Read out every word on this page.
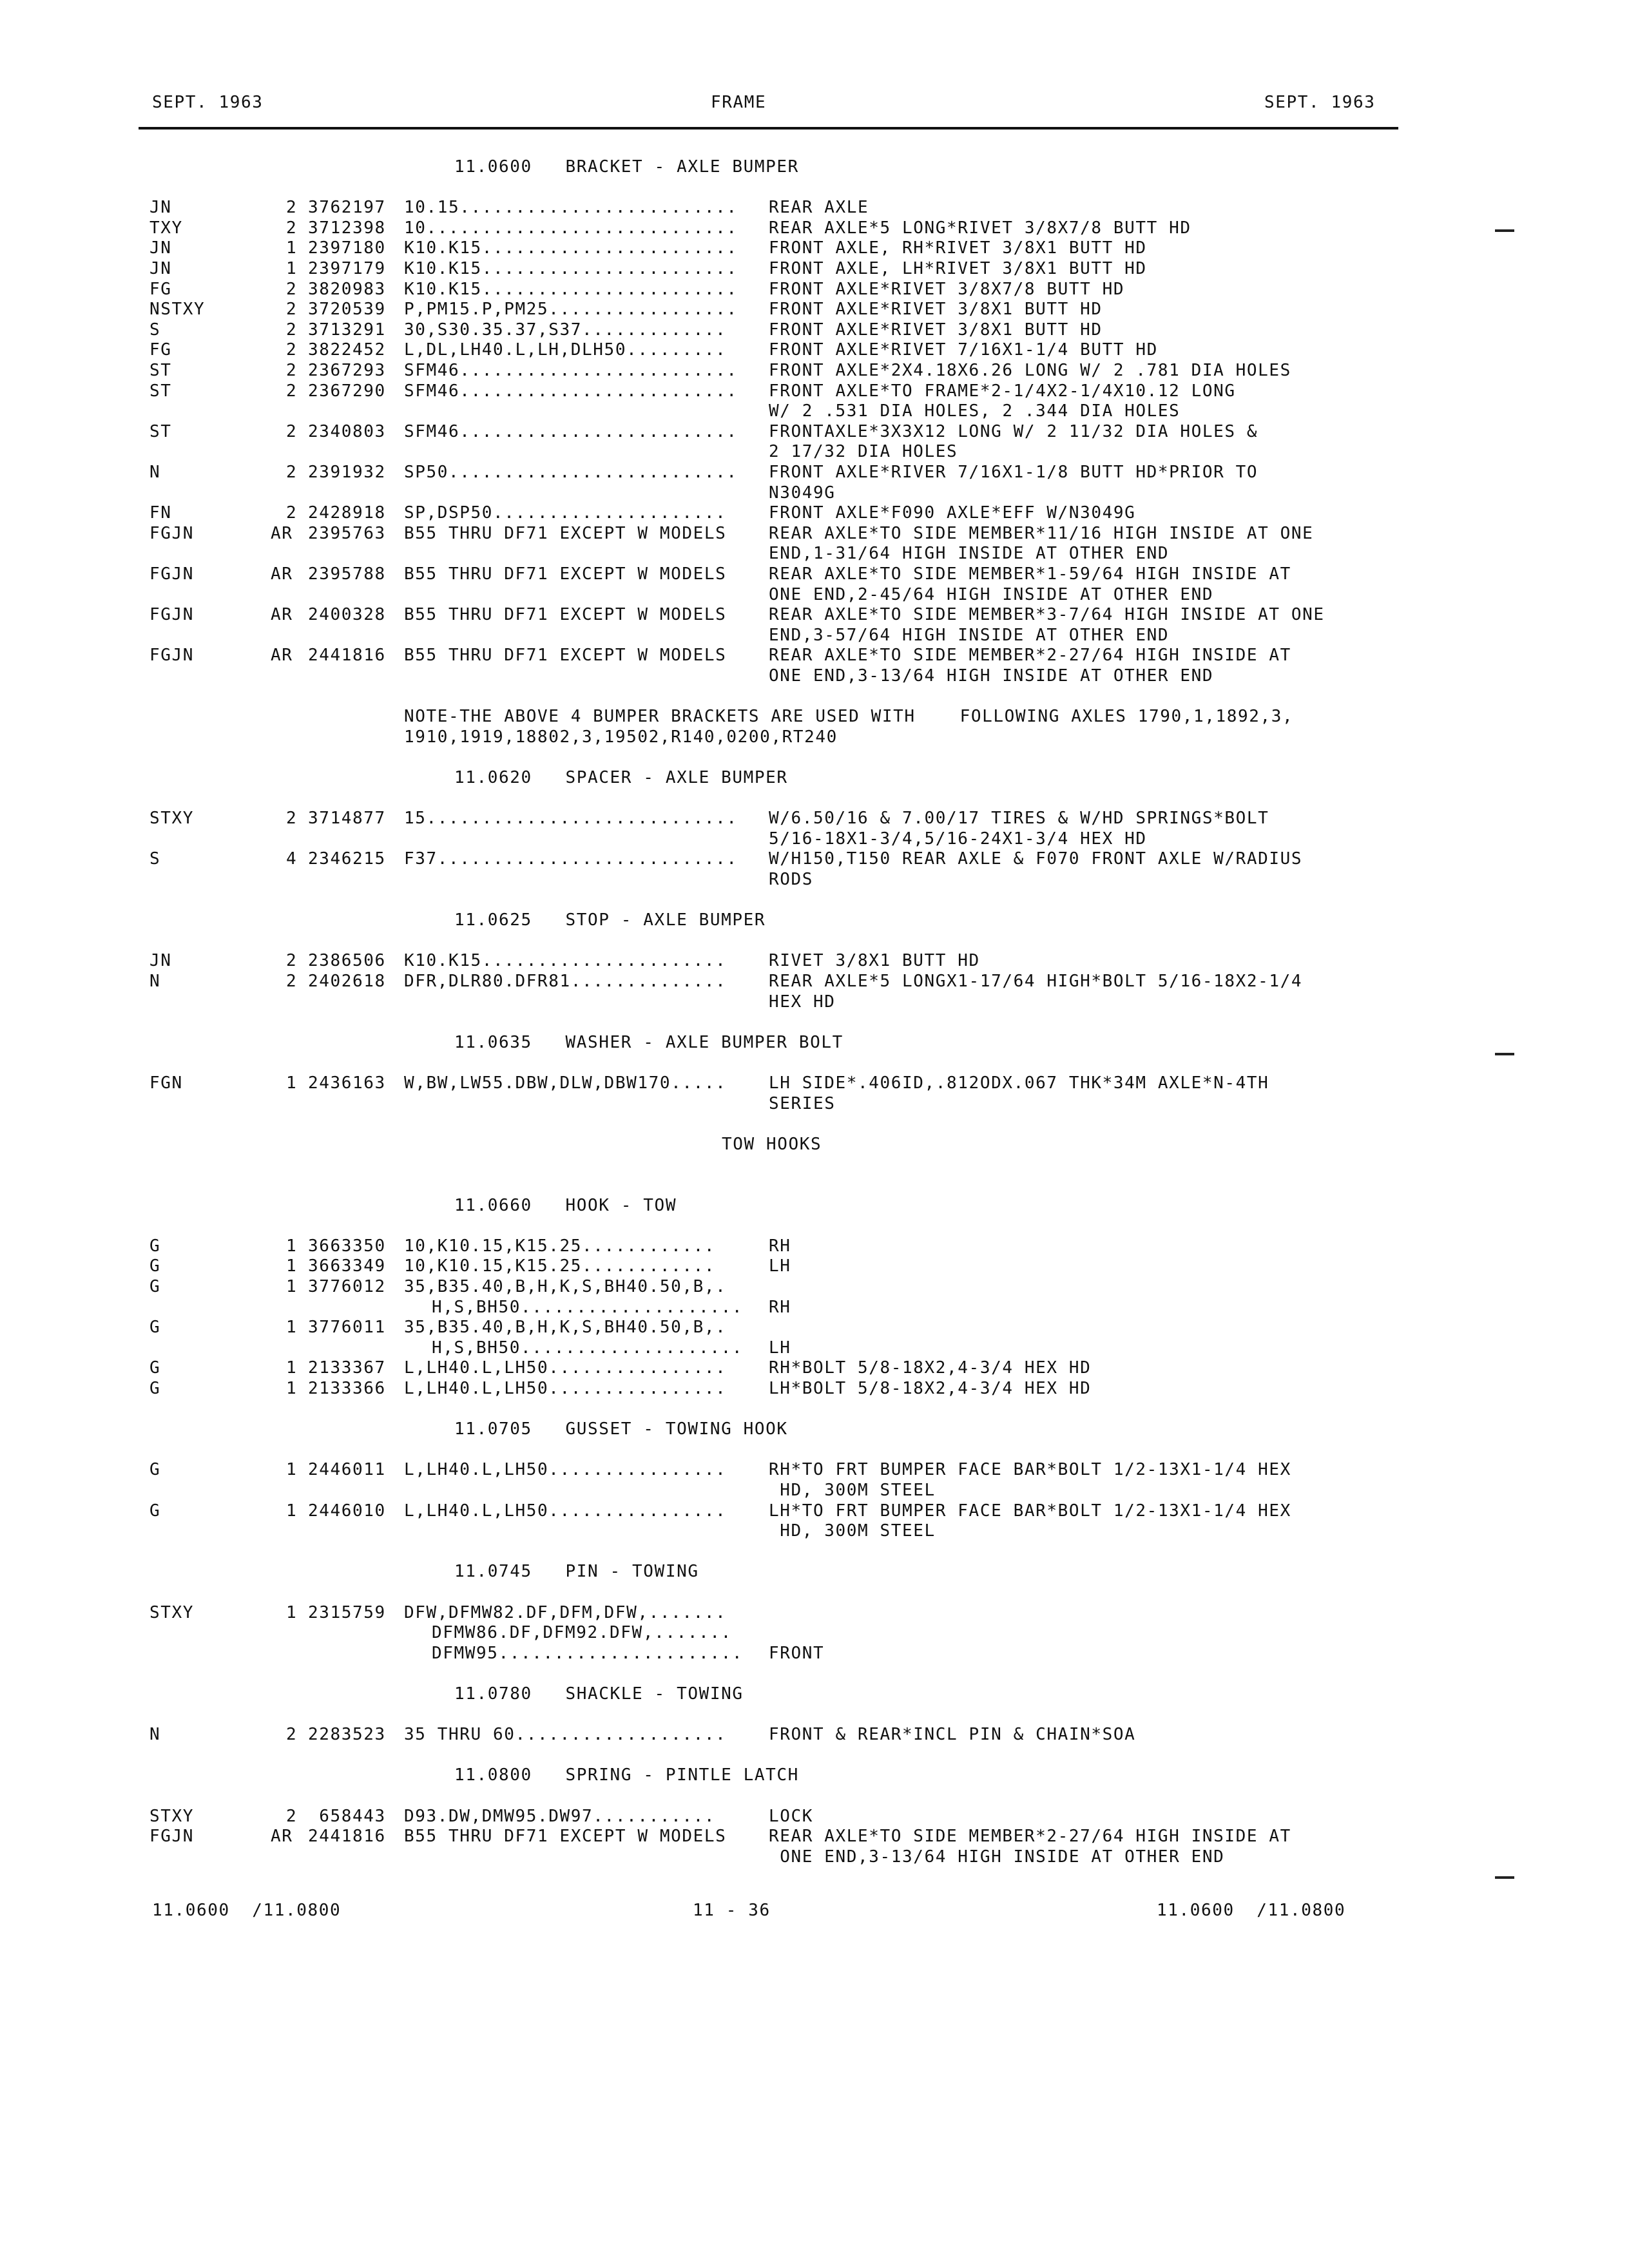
SEPT. 1963	FRAME	SEPT. 1963
11.0600   BRACKET - AXLE BUMPER
JN	2 3762197 10.15......................... REAR AXLE
TXY	2 3712398 10............................ REAR AXLE*5 LONG*RIVET 3/8X7/8 BUTT HD
JN	1 2397180 K10.K15....................... FRONT AXLE, RH*RIVET 3/8X1 BUTT HD
JN	1 2397179 K10.K15....................... FRONT AXLE, LH*RIVET 3/8X1 BUTT HD
FG	2 3820983 K10.K15....................... FRONT AXLE*RIVET 3/8X7/8 BUTT HD
NSTXY	2 3720539 P,PM15.P,PM25................. FRONT AXLE*RIVET 3/8X1 BUTT HD
S	2 3713291 30,S30.35.37,S37.............	FRONT AXLE*RIVET 3/8X1 BUTT HD
FG	2 3822452 L,DL,LH40.L,LH,DLH50.........	FRONT AXLE*RIVET 7/16X1-1/4 BUTT HD
ST	2 2367293 SFM46......................... FRONT AXLE*2X4.18X6.26 LONG W/ 2 .781 DIA HOLES
ST	2 2367290 SFM46......................... FRONT AXLE*TO FRAME*2-1/4X2-1/4X10.12 LONG
W/ 2 .531 DIA HOLES, 2 .344 DIA HOLES
ST	2 2340803 SFM46......................... FRONTAXLE*3X3X12 LONG W/ 2 11/32 DIA HOLES &
2 17/32 DIA HOLES
N	2 2391932 SP50.......................... FRONT AXLE*RIVER 7/16X1-1/8 BUTT HD*PRIOR TO
N3049G
FN	2 2428918 SP,DSP50.....................	FRONT AXLE*F090 AXLE*EFF W/N3049G
FGJN	AR 2395763 B55 THRU DF71 EXCEPT W MODELS	REAR AXLE*TO SIDE MEMBER*11/16 HIGH INSIDE AT ONE
END,1-31/64 HIGH INSIDE AT OTHER END
FGJN	AR 2395788 B55 THRU DF71 EXCEPT W MODELS	REAR AXLE*TO SIDE MEMBER*1-59/64 HIGH INSIDE AT
ONE END,2-45/64 HIGH INSIDE AT OTHER END
FGJN	AR 2400328 B55 THRU DF71 EXCEPT W MODELS	REAR AXLE*TO SIDE MEMBER*3-7/64 HIGH INSIDE AT ONE
END,3-57/64 HIGH INSIDE AT OTHER END
FGJN	AR 2441816 B55 THRU DF71 EXCEPT W MODELS	REAR AXLE*TO SIDE MEMBER*2-27/64 HIGH INSIDE AT
ONE END,3-13/64 HIGH INSIDE AT OTHER END
NOTE-THE ABOVE 4 BUMPER BRACKETS ARE USED WITH    FOLLOWING AXLES 1790,1,1892,3,
1910,1919,18802,3,19502,R140,0200,RT240
11.0620   SPACER - AXLE BUMPER
STXY	2 3714877 15............................ W/6.50/16 & 7.00/17 TIRES & W/HD SPRINGS*BOLT
5/16-18X1-3/4,5/16-24X1-3/4 HEX HD
S	4 2346215 F37........................... W/H150,T150 REAR AXLE & F070 FRONT AXLE W/RADIUS
RODS
11.0625   STOP - AXLE BUMPER
JN	2 2386506 K10.K15......................	RIVET 3/8X1 BUTT HD
N	2 2402618 DFR,DLR80.DFR81..............	REAR AXLE*5 LONGX1-17/64 HIGH*BOLT 5/16-18X2-1/4
HEX HD
11.0635   WASHER - AXLE BUMPER BOLT
FGN	1 2436163 W,BW,LW55.DBW,DLW,DBW170.....	LH SIDE*.406ID,.812ODX.067 THK*34M AXLE*N-4TH
SERIES
TOW HOOKS
11.0660   HOOK - TOW
G	1 3663350 10,K10.15,K15.25............	RH
G	1 3663349 10,K10.15,K15.25............	LH
G	1 3776012 35,B35.40,B,H,K,S,BH40.50,B,.
H,S,BH50.................... RH
G	1 3776011 35,B35.40,B,H,K,S,BH40.50,B,.
H,S,BH50.................... LH
G	1 2133367 L,LH40.L,LH50................	RH*BOLT 5/8-18X2,4-3/4 HEX HD
G	1 2133366 L,LH40.L,LH50................	LH*BOLT 5/8-18X2,4-3/4 HEX HD
11.0705   GUSSET - TOWING HOOK
G	1 2446011 L,LH40.L,LH50................	RH*TO FRT BUMPER FACE BAR*BOLT 1/2-13X1-1/4 HEX
HD, 300M STEEL
G	1 2446010 L,LH40.L,LH50................	LH*TO FRT BUMPER FACE BAR*BOLT 1/2-13X1-1/4 HEX
HD, 300M STEEL
11.0745   PIN - TOWING
STXY	1 2315759 DFW,DFMW82.DF,DFM,DFW,.......
DFMW86.DF,DFM92.DFW,.......
DFMW95...................... FRONT
11.0780   SHACKLE - TOWING
N	2 2283523 35 THRU 60...................	FRONT & REAR*INCL PIN & CHAIN*SOA
11.0800   SPRING - PINTLE LATCH
STXY	2 658443 D93.DW,DMW95.DW97...........	LOCK
FGJN	AR 2441816 B55 THRU DF71 EXCEPT W MODELS	REAR AXLE*TO SIDE MEMBER*2-27/64 HIGH INSIDE AT
ONE END,3-13/64 HIGH INSIDE AT OTHER END
11.0600  /11.0800	11 - 36	11.0600  /11.0800
